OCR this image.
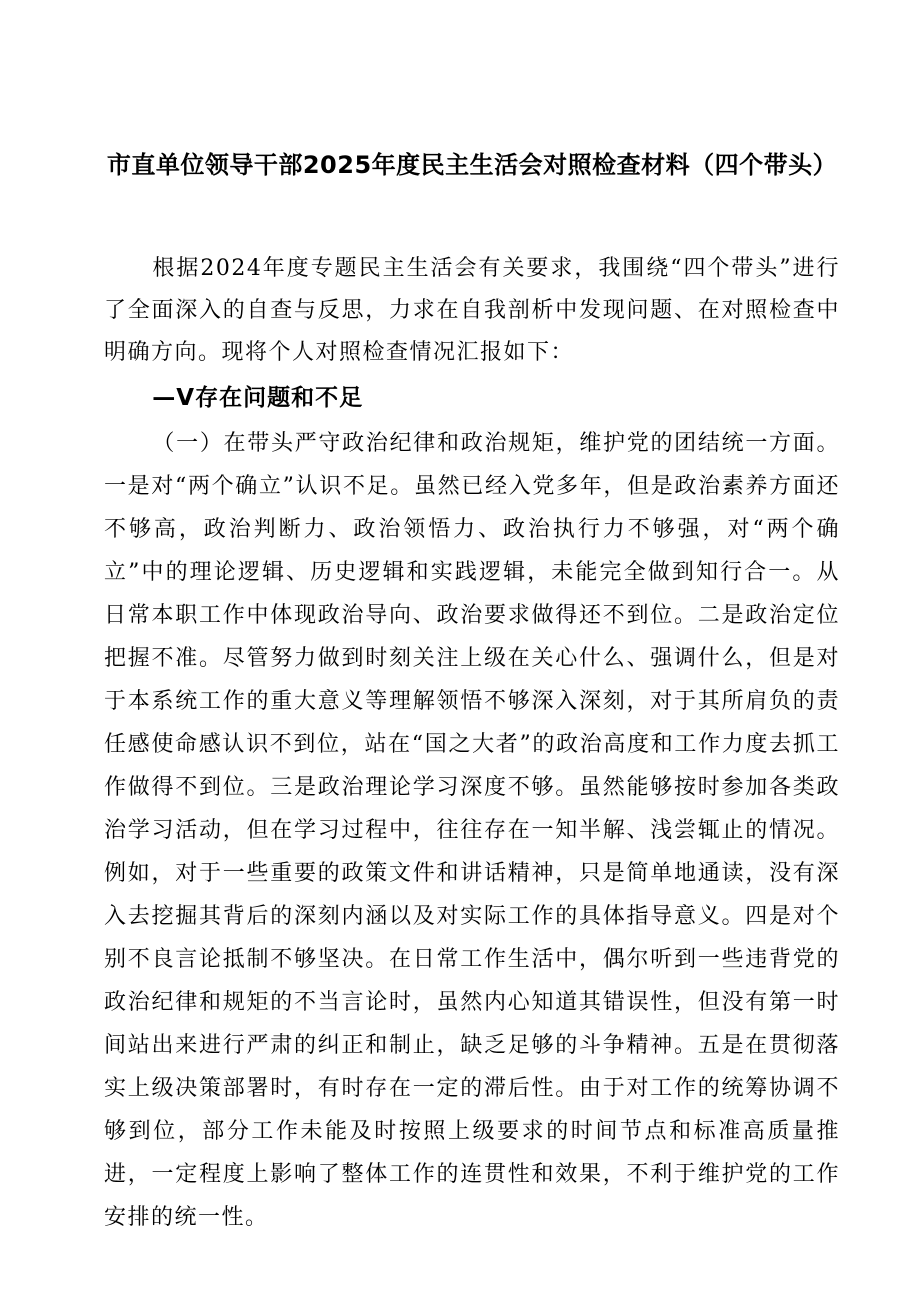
市直单位领导干部2025年度民主生活会对照检查材料（四个带头）

根据2024年度专题民主生活会有关要求，我围绕“四个带头”进行了全面深入的自查与反思，力求在自我剖析中发现问题、在对照检查中明确方向。现将个人对照检查情况汇报如下：

—V存在问题和不足

（一）在带头严守政治纪律和政治规矩，维护党的团结统一方面。一是对“两个确立”认识不足。虽然已经入党多年，但是政治素养方面还不够高，政治判断力、政治领悟力、政治执行力不够强，对“两个确立”中的理论逻辑、历史逻辑和实践逻辑，未能完全做到知行合一。从日常本职工作中体现政治导向、政治要求做得还不到位。二是政治定位把握不准。尽管努力做到时刻关注上级在关心什么、强调什么，但是对于本系统工作的重大意义等理解领悟不够深入深刻，对于其所肩负的责任感使命感认识不到位，站在“国之大者”的政治高度和工作力度去抓工作做得不到位。三是政治理论学习深度不够。虽然能够按时参加各类政治学习活动，但在学习过程中，往往存在一知半解、浅尝辄止的情况。例如，对于一些重要的政策文件和讲话精神，只是简单地通读，没有深入去挖掘其背后的深刻内涵以及对实际工作的具体指导意义。四是对个别不良言论抵制不够坚决。在日常工作生活中，偶尔听到一些违背党的政治纪律和规矩的不当言论时，虽然内心知道其错误性，但没有第一时间站出来进行严肃的纠正和制止，缺乏足够的斗争精神。五是在贯彻落实上级决策部署时，有时存在一定的滞后性。由于对工作的统筹协调不够到位，部分工作未能及时按照上级要求的时间节点和标准高质量推进，一定程度上影响了整体工作的连贯性和效果，不利于维护党的工作安排的统一性。
